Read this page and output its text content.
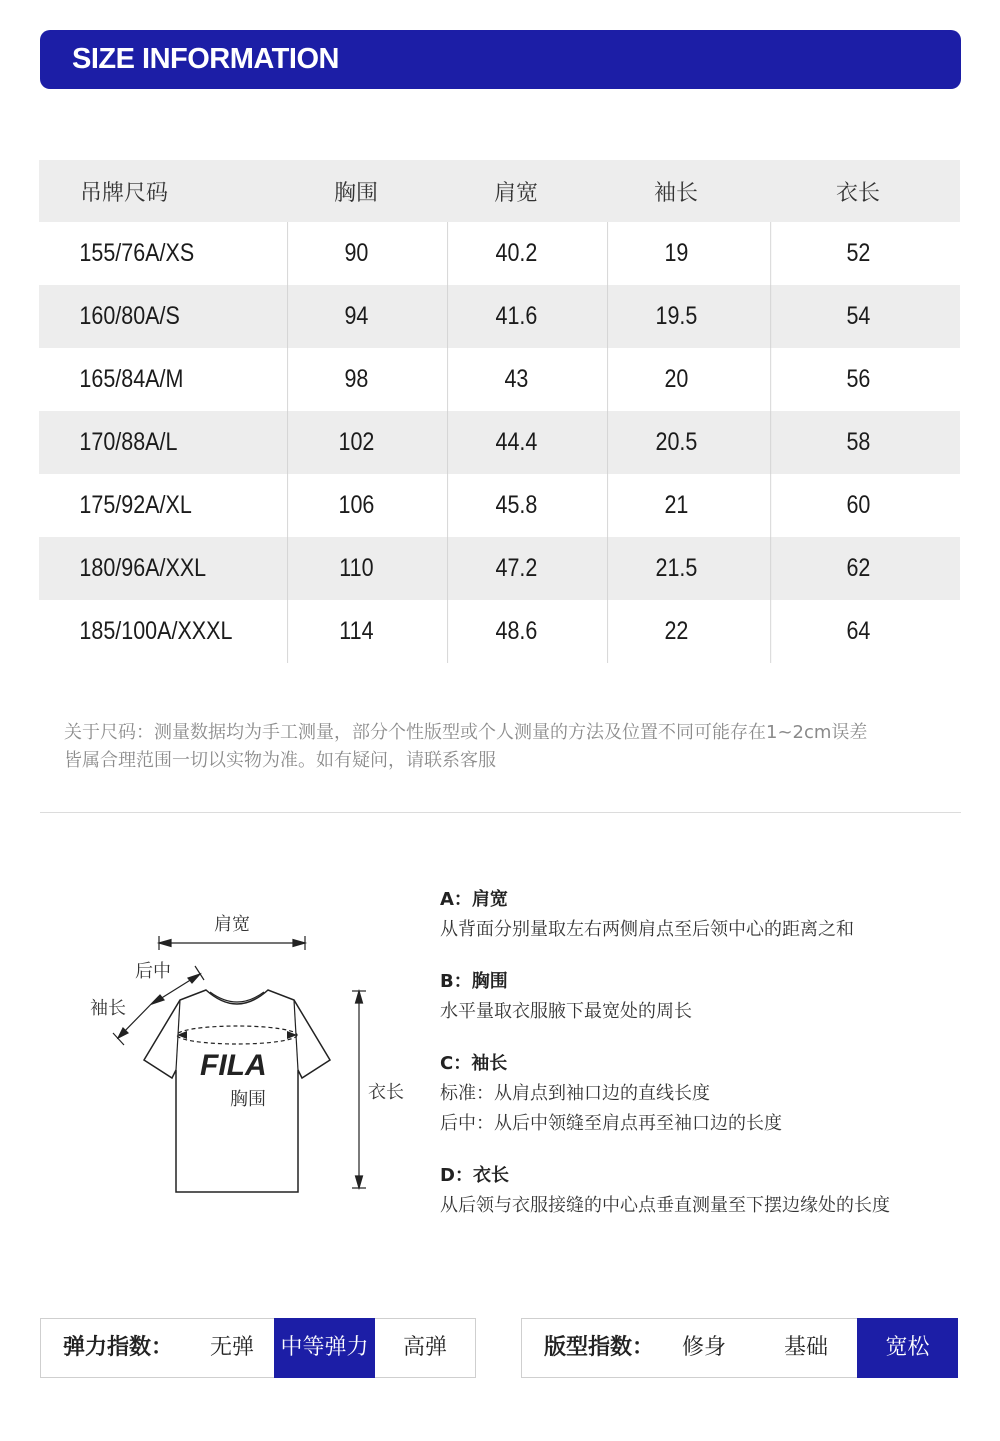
SIZE INFORMATION
吊牌尺码	胸围	肩宽	袖长	衣长
155/76A/XS	90	40.2	19	52
160/80A/S	94	41.6	19.5	54
165/84A/M	98	43	20	56
170/88A/L	102	44.4	20.5	58
175/92A/XL	106	45.8	21	60
180/96A/XXL	110	47.2	21.5	62
185/100A/XXXL	114	48.6	22	64
关于尺码：测量数据均为手工测量，部分个性版型或个人测量的方法及位置不同可能存在1~2cm误差
皆属合理范围一切以实物为准。如有疑问，请联系客服
FILA
肩宽
后中
袖长
胸围	衣长
A：肩宽
从背面分别量取左右两侧肩点至后领中心的距离之和
B：胸围
水平量取衣服腋下最宽处的周长
C：袖长
标准：从肩点到袖口边的直线长度
后中：从后中领缝至肩点再至袖口边的长度
D：衣长
从后领与衣服接缝的中心点垂直测量至下摆边缘处的长度
弹力指数：	无弹	中等弹力	高弹	版型指数：	修身	基础	宽松
